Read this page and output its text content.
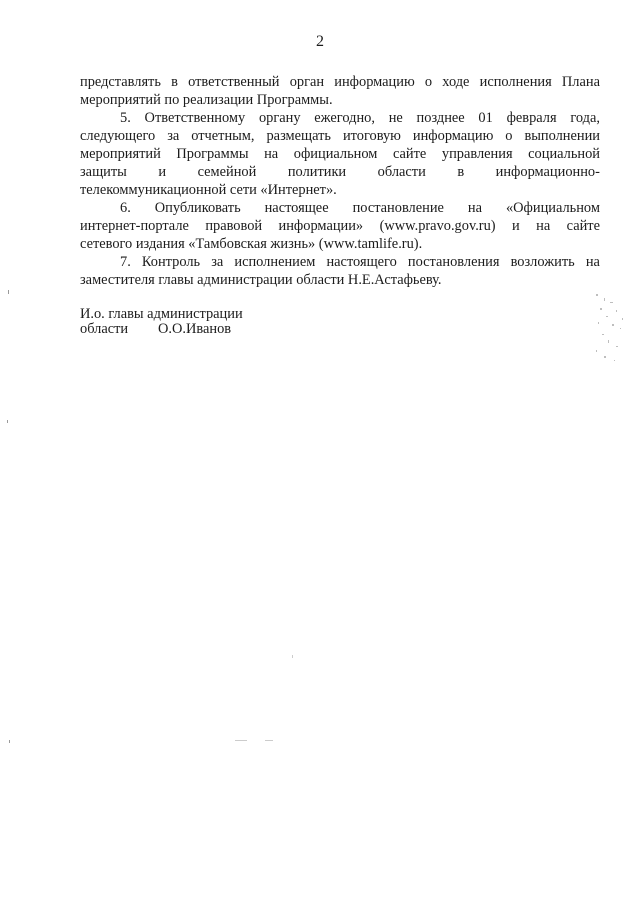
2
представлять в ответственный орган информацию о ходе исполнения Плана
мероприятий по реализации Программы.
5. Ответственному органу ежегодно, не позднее 01 февраля года,
следующего за отчетным, размещать итоговую информацию о выполнении
мероприятий Программы на официальном сайте управления социальной
защиты и семейной политики области в информационно-
телекоммуникационной сети «Интернет».
6. Опубликовать настоящее постановление на «Официальном
интернет-портале правовой информации» (www.pravo.gov.ru) и на сайте
сетевого издания «Тамбовская жизнь» (www.tamlife.ru).
7. Контроль за исполнением настоящего постановления возложить на
заместителя главы администрации области Н.Е.Астафьеву.
И.о. главы администрации
области О.О.Иванов
